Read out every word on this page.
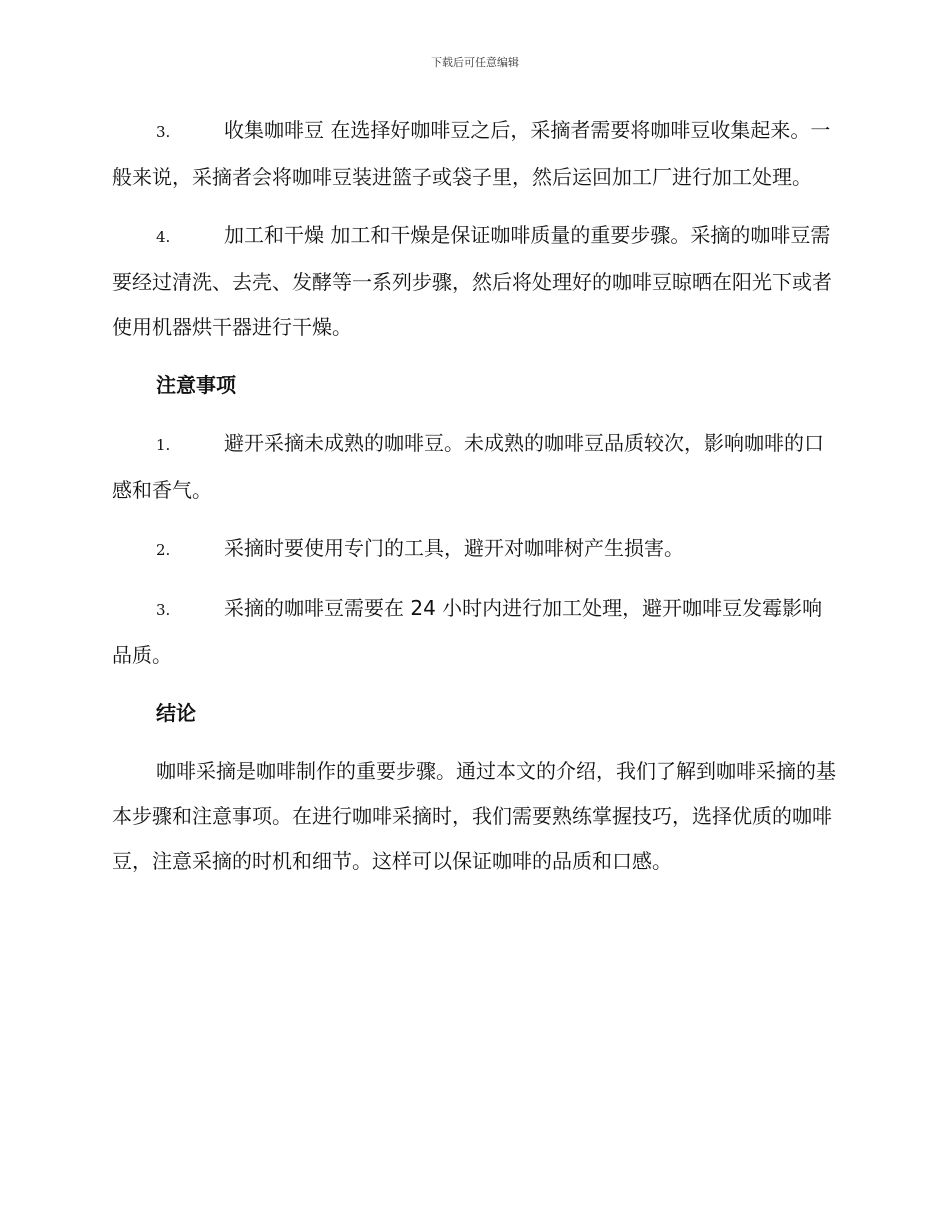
下载后可任意编辑

3.	收集咖啡豆 在选择好咖啡豆之后，采摘者需要将咖啡豆收集起来。一般来说，采摘者会将咖啡豆装进篮子或袋子里，然后运回加工厂进行加工处理。

4.	加工和干燥 加工和干燥是保证咖啡质量的重要步骤。采摘的咖啡豆需要经过清洗、去壳、发酵等一系列步骤，然后将处理好的咖啡豆晾晒在阳光下或者使用机器烘干器进行干燥。

注意事项

1.	避开采摘未成熟的咖啡豆。未成熟的咖啡豆品质较次，影响咖啡的口感和香气。

2.	采摘时要使用专门的工具，避开对咖啡树产生损害。

3.	采摘的咖啡豆需要在 24 小时内进行加工处理，避开咖啡豆发霉影响品质。

结论

咖啡采摘是咖啡制作的重要步骤。通过本文的介绍，我们了解到咖啡采摘的基本步骤和注意事项。在进行咖啡采摘时，我们需要熟练掌握技巧，选择优质的咖啡豆，注意采摘的时机和细节。这样可以保证咖啡的品质和口感。
